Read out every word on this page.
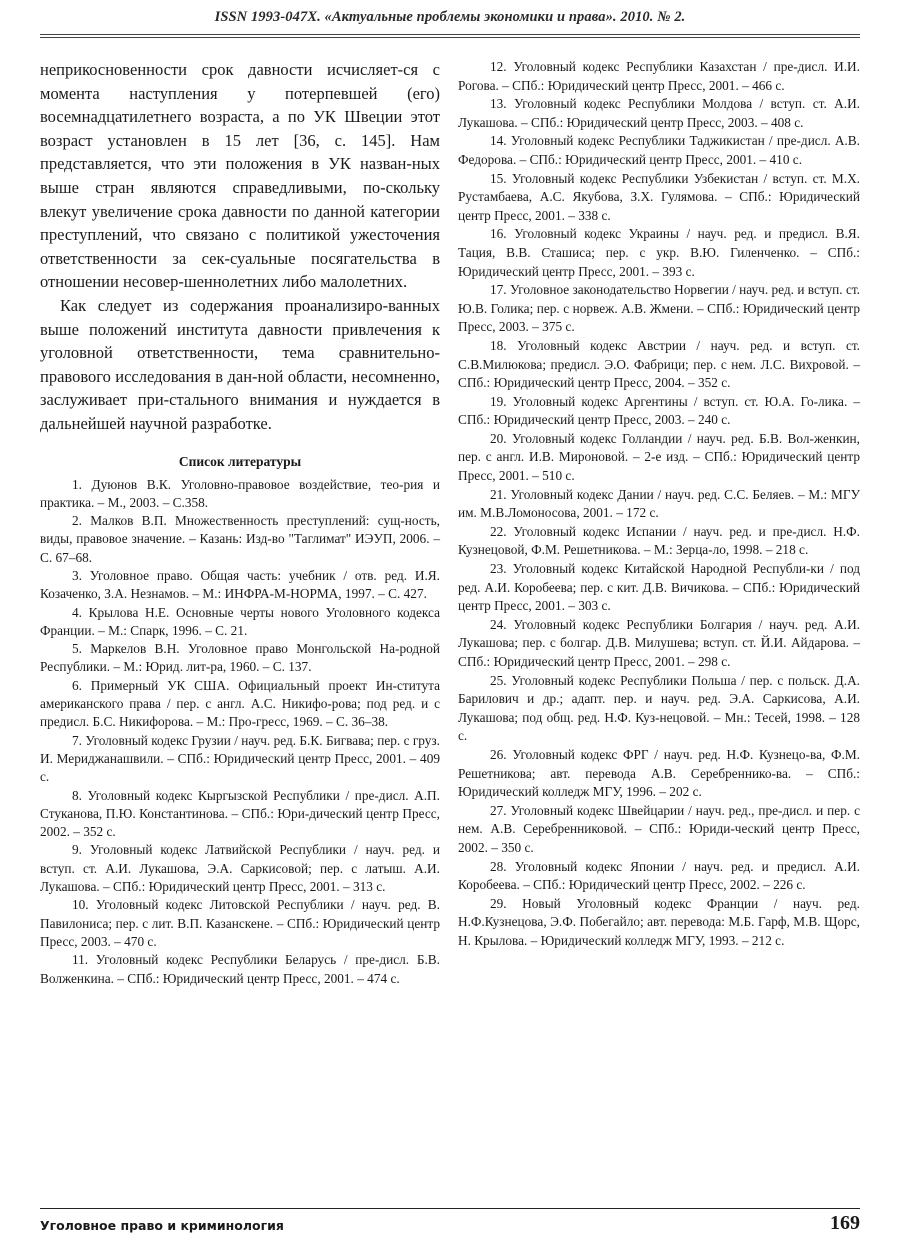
ISSN 1993-047X. «Актуальные проблемы экономики и права». 2010. № 2.

неприкосновенности срок давности исчисляет-ся с момента наступления у потерпевшей (его) восемнадцатилетнего возраста, а по УК Швеции этот возраст установлен в 15 лет [36, с. 145]. Нам представляется, что эти положения в УК назван-ных выше стран являются справедливыми, по-скольку влекут увеличение срока давности по данной категории преступлений, что связано с политикой ужесточения ответственности за сек-суальные посягательства в отношении несовер-шеннолетних либо малолетних.

Как следует из содержания проанализиро-ванных выше положений института давности привлечения к уголовной ответственности, тема сравнительно-правового исследования в дан-ной области, несомненно, заслуживает при-стального внимания и нуждается в дальнейшей научной разработке.

Список литературы

1. Дуюнов В.К. Уголовно-правовое воздействие, тео-рия и практика. – М., 2003. – С.358.

2. Малков В.П. Множественность преступлений: сущ-ность, виды, правовое значение. – Казань: Изд-во "Таглимат" ИЭУП, 2006. – С. 67–68.

3. Уголовное право. Общая часть: учебник / отв. ред. И.Я. Козаченко, З.А. Незнамов. – М.: ИНФРА-М-НОРМА, 1997. – С. 427.

4. Крылова Н.Е. Основные черты нового Уголовного кодекса Франции. – М.: Спарк, 1996. – С. 21.

5. Маркелов В.Н. Уголовное право Монгольской На-родной Республики. – М.: Юрид. лит-ра, 1960. – С. 137.

6. Примерный УК США. Официальный проект Ин-ститута американского права / пер. с англ. А.С. Никифо-рова; под ред. и с предисл. Б.С. Никифорова. – М.: Про-гресс, 1969. – С. 36–38.

7. Уголовный кодекс Грузии / науч. ред. Б.К. Бигвава; пер. с груз. И. Мериджанашвили. – СПб.: Юридический центр Пресс, 2001. – 409 с.

8. Уголовный кодекс Кыргызской Республики / пре-дисл. А.П. Стуканова, П.Ю. Константинова. – СПб.: Юри-дический центр Пресс, 2002. – 352 с.

9. Уголовный кодекс Латвийской Республики / науч. ред. и вступ. ст. А.И. Лукашова, Э.А. Саркисовой; пер. с латыш. А.И. Лукашова. – СПб.: Юридический центр Пресс, 2001. – 313 с.

10. Уголовный кодекс Литовской Республики / науч. ред. В. Павилониса; пер. с лит. В.П. Казанскене. – СПб.: Юридический центр Пресс, 2003. – 470 с.

11. Уголовный кодекс Республики Беларусь / пре-дисл. Б.В. Волженкина. – СПб.: Юридический центр Пресс, 2001. – 474 с.

12. Уголовный кодекс Республики Казахстан / пре-дисл. И.И. Рогова. – СПб.: Юридический центр Пресс, 2001. – 466 с.

13. Уголовный кодекс Республики Молдова / вступ. ст. А.И. Лукашова. – СПб.: Юридический центр Пресс, 2003. – 408 с.

14. Уголовный кодекс Республики Таджикистан / пре-дисл. А.В. Федорова. – СПб.: Юридический центр Пресс, 2001. – 410 с.

15. Уголовный кодекс Республики Узбекистан / вступ. ст. М.Х. Рустамбаева, А.С. Якубова, З.Х. Гулямова. – СПб.: Юридический центр Пресс, 2001. – 338 с.

16. Уголовный кодекс Украины / науч. ред. и предисл. В.Я. Тация, В.В. Сташиса; пер. с укр. В.Ю. Гиленченко. – СПб.: Юридический центр Пресс, 2001. – 393 с.

17. Уголовное законодательство Норвегии / науч. ред. и вступ. ст. Ю.В. Голика; пер. с норвеж. А.В. Жмени. – СПб.: Юридический центр Пресс, 2003. – 375 с.

18. Уголовный кодекс Австрии / науч. ред. и вступ. ст. С.В.Милюкова; предисл. Э.О. Фабрици; пер. с нем. Л.С. Вихровой. – СПб.: Юридический центр Пресс, 2004. – 352 с.

19. Уголовный кодекс Аргентины / вступ. ст. Ю.А. Го-лика. – СПб.: Юридический центр Пресс, 2003. – 240 с.

20. Уголовный кодекс Голландии / науч. ред. Б.В. Вол-женкин, пер. с англ. И.В. Мироновой. – 2-е изд. – СПб.: Юридический центр Пресс, 2001. – 510 с.

21. Уголовный кодекс Дании / науч. ред. С.С. Беляев. – М.: МГУ им. М.В.Ломоносова, 2001. – 172 с.

22. Уголовный кодекс Испании / науч. ред. и пре-дисл. Н.Ф. Кузнецовой, Ф.М. Решетникова. – М.: Зерца-ло, 1998. – 218 с.

23. Уголовный кодекс Китайской Народной Республи-ки / под ред. А.И. Коробеева; пер. с кит. Д.В. Вичикова. – СПб.: Юридический центр Пресс, 2001. – 303 с.

24. Уголовный кодекс Республики Болгария / науч. ред. А.И. Лукашова; пер. с болгар. Д.В. Милушева; вступ. ст. Й.И. Айдарова. – СПб.: Юридический центр Пресс, 2001. – 298 с.

25. Уголовный кодекс Республики Польша / пер. с польск. Д.А. Барилович и др.; адапт. пер. и науч. ред. Э.А. Саркисова, А.И. Лукашова; под общ. ред. Н.Ф. Куз-нецовой. – Мн.: Тесей, 1998. – 128 с.

26. Уголовный кодекс ФРГ / науч. ред. Н.Ф. Кузнецо-ва, Ф.М. Решетникова; авт. перевода А.В. Серебреннико-ва. – СПб.: Юридический колледж МГУ, 1996. – 202 с.

27. Уголовный кодекс Швейцарии / науч. ред., пре-дисл. и пер. с нем. А.В. Серебренниковой. – СПб.: Юриди-ческий центр Пресс, 2002. – 350 с.

28. Уголовный кодекс Японии / науч. ред. и предисл. А.И. Коробеева. – СПб.: Юридический центр Пресс, 2002. – 226 с.

29. Новый Уголовный кодекс Франции / науч. ред. Н.Ф.Кузнецова, Э.Ф. Побегайло; авт. перевода: М.Б. Гарф, М.В. Щорс, Н. Крылова. – Юридический колледж МГУ, 1993. – 212 с.

Уголовное право и криминология	169
